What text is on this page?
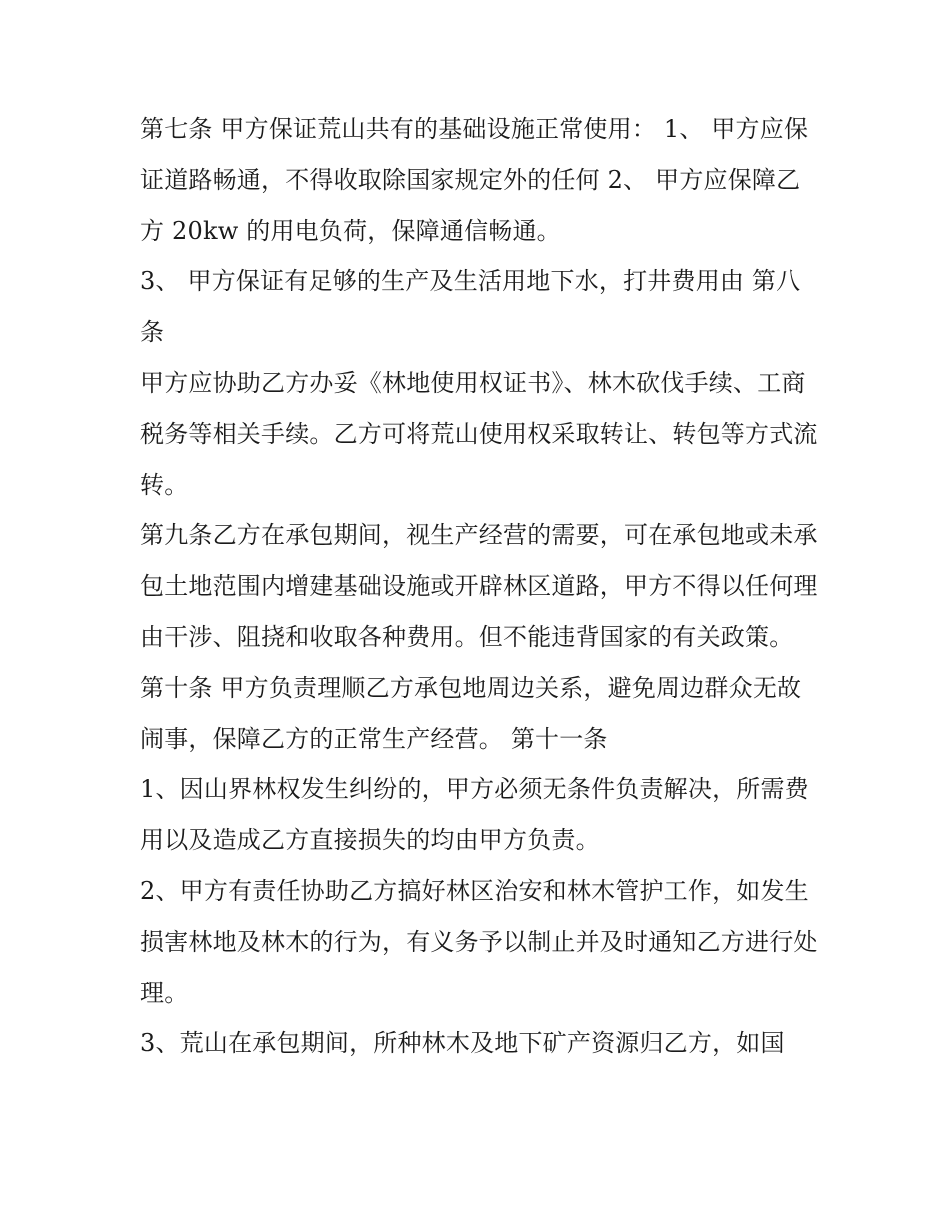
第七条 甲方保证荒山共有的基础设施正常使用： 1、 甲方应保证道路畅通，不得收取除国家规定外的任何 2、 甲方应保障乙方 20kw 的用电负荷，保障通信畅通。

3、 甲方保证有足够的生产及生活用地下水，打井费用由 第八条

甲方应协助乙方办妥《林地使用权证书》、林木砍伐手续、工商税务等相关手续。乙方可将荒山使用权采取转让、转包等方式流转。

第九条乙方在承包期间，视生产经营的需要，可在承包地或未承包土地范围内增建基础设施或开辟林区道路，甲方不得以任何理由干涉、阻挠和收取各种费用。但不能违背国家的有关政策。

第十条 甲方负责理顺乙方承包地周边关系，避免周边群众无故闹事，保障乙方的正常生产经营。 第十一条

1、因山界林权发生纠纷的，甲方必须无条件负责解决，所需费用以及造成乙方直接损失的均由甲方负责。

2、甲方有责任协助乙方搞好林区治安和林木管护工作，如发生损害林地及林木的行为，有义务予以制止并及时通知乙方进行处理。

3、荒山在承包期间，所种林木及地下矿产资源归乙方，如国
